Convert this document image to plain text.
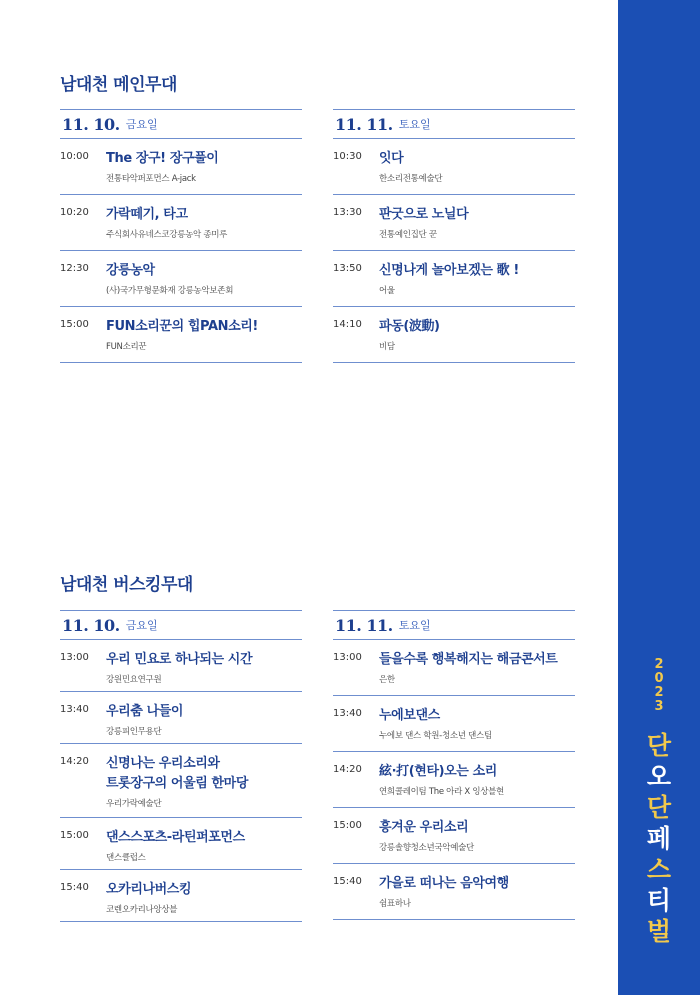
남대천 메인무대
남대천 버스킹무대
11. 10. 금요일
10:00	The 장구! 장구풀이
전통타악퍼포먼스 A-jack
10:20	가락떼기, 타고
주식회사유네스코강릉농악 종미루
12:30	강릉농악
(사)국가무형문화재 강릉농악보존회
15:00	FUN소리꾼의 힙PAN소리!
FUN소리꾼
11. 11. 토요일
10:30	잇다
한소리전통예술단
13:30	판굿으로 노닐다
전통예인집단 꾼
13:50	신명나게 놀아보겠는 歌 !
어울
14:10	파동(波動)
비담
11. 10. 금요일
13:00	우리 민요로 하나되는 시간
강원민요연구원
13:40	우리춤 나들이
강릉피인무용단
14:20	신명나는 우리소리와
트롯장구의 어울림 한마당
우리가락예술단
15:00	댄스스포츠-라틴퍼포먼스
댄스클럽스
15:40	오카리나버스킹
코렌오카리나앙상블
11. 11. 토요일
13:00	들을수록 행복해지는 해금콘서트
은한
13:40	누에보댄스
누에보 댄스 학원-청소년 댄스팀
14:20	絃·打(현타)오는 소리
연희콜레이팀 The 아라 X 잉상블현
15:00	흥겨운 우리소리
강릉솔향청소년국악예술단
15:40	가을로 떠나는 음악여행
쉼표하나
2
0
2
3
단
오
단
페
스
티
벌
